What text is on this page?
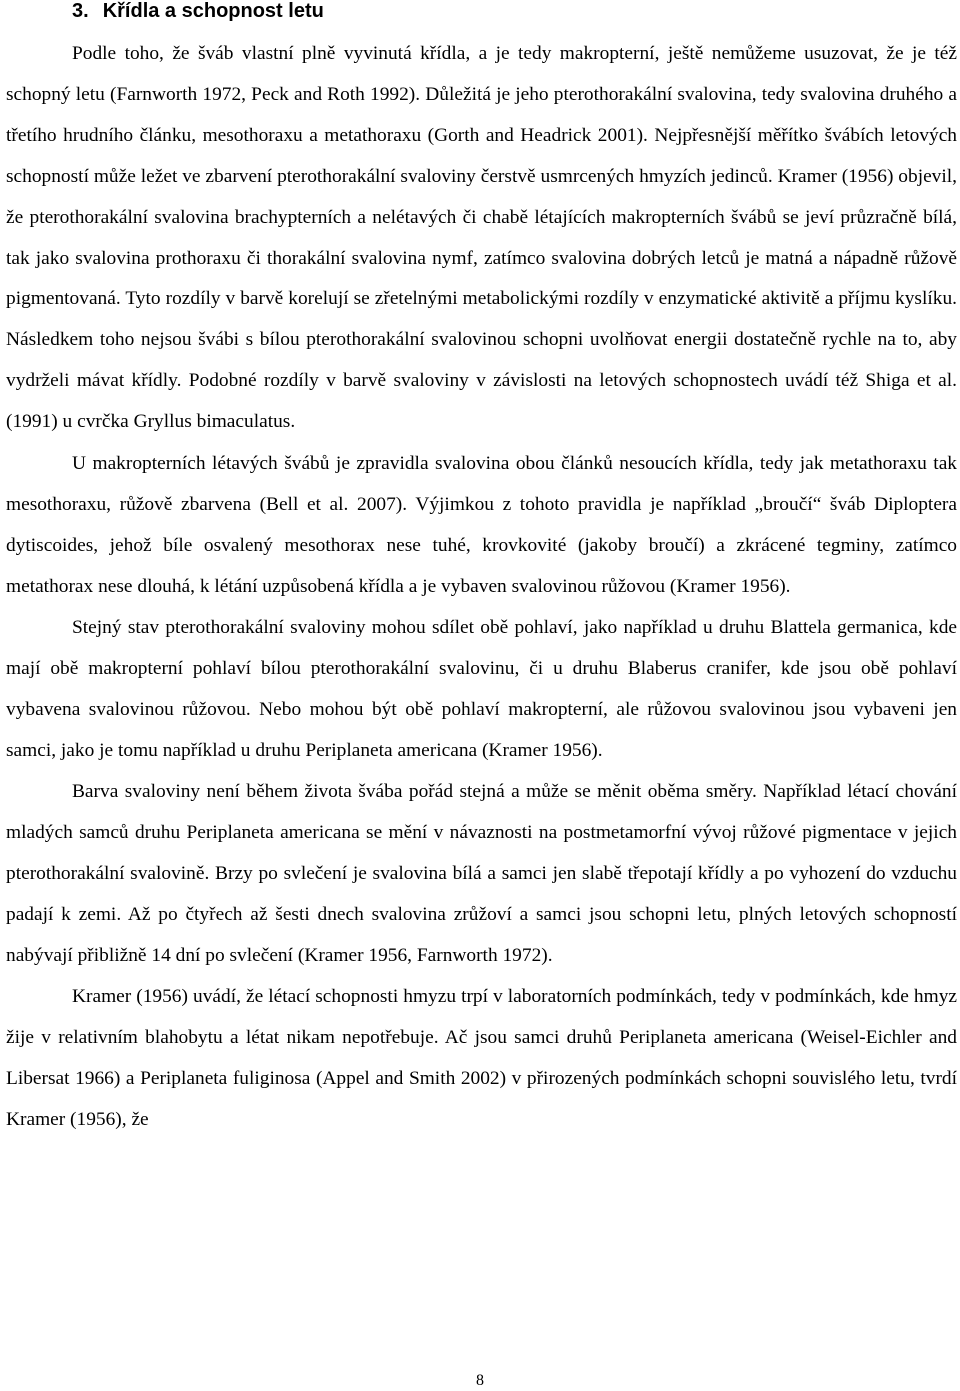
3. Křídla a schopnost letu

Podle toho, že šváb vlastní plně vyvinutá křídla, a je tedy makropterní, ještě nemůžeme usuzovat, že je též schopný letu (Farnworth 1972, Peck and Roth 1992). Důležitá je jeho pterothorakální svalovina, tedy svalovina druhého a třetího hrudního článku, mesothoraxu a metathoraxu (Gorth and Headrick 2001). Nejpřesnější měřítko švábích letových schopností může ležet ve zbarvení pterothorakální svaloviny čerstvě usmrcených hmyzích jedinců. Kramer (1956) objevil, že pterothorakální svalovina brachypterních a nelétavých či chabě létajících makropterních švábů se jeví průzračně bílá, tak jako svalovina prothoraxu či thorakální svalovina nymf, zatímco svalovina dobrých letců je matná a nápadně růžově pigmentovaná. Tyto rozdíly v barvě korelují se zřetelnými metabolickými rozdíly v enzymatické aktivitě a příjmu kyslíku. Následkem toho nejsou švábi s bílou pterothorakální svalovinou schopni uvolňovat energii dostatečně rychle na to, aby vydrželi mávat křídly. Podobné rozdíly v barvě svaloviny v závislosti na letových schopnostech uvádí též Shiga et al. (1991) u cvrčka Gryllus bimaculatus.

U makropterních létavých švábů je zpravidla svalovina obou článků nesoucích křídla, tedy jak metathoraxu tak mesothoraxu, růžově zbarvena (Bell et al. 2007). Výjimkou z tohoto pravidla je například „broučí“ šváb Diploptera dytiscoides, jehož bíle osvalený mesothorax nese tuhé, krovkovité (jakoby broučí) a zkrácené tegminy, zatímco metathorax nese dlouhá, k létání uzpůsobená křídla a je vybaven svalovinou růžovou (Kramer 1956).

Stejný stav pterothorakální svaloviny mohou sdílet obě pohlaví, jako například u druhu Blattela germanica, kde mají obě makropterní pohlaví bílou pterothorakální svalovinu, či u druhu Blaberus cranifer, kde jsou obě pohlaví vybavena svalovinou růžovou. Nebo mohou být obě pohlaví makropterní, ale růžovou svalovinou jsou vybaveni jen samci, jako je tomu například u druhu Periplaneta americana (Kramer 1956).

Barva svaloviny není během života švába pořád stejná a může se měnit oběma směry. Například létací chování mladých samců druhu Periplaneta americana se mění v návaznosti na postmetamorfní vývoj růžové pigmentace v jejich pterothorakální svalovině. Brzy po svlečení je svalovina bílá a samci jen slabě třepotají křídly a po vyhození do vzduchu padají k zemi. Až po čtyřech až šesti dnech svalovina zrůžoví a samci jsou schopni letu, plných letových schopností nabývají přibližně 14 dní po svlečení (Kramer 1956, Farnworth 1972).

Kramer (1956) uvádí, že létací schopnosti hmyzu trpí v laboratorních podmínkách, tedy v podmínkách, kde hmyz žije v relativním blahobytu a létat nikam nepotřebuje. Ač jsou samci druhů Periplaneta americana (Weisel-Eichler and Libersat 1966) a Periplaneta fuliginosa (Appel and Smith 2002) v přirozených podmínkách schopni souvislého letu, tvrdí Kramer (1956), že

8
